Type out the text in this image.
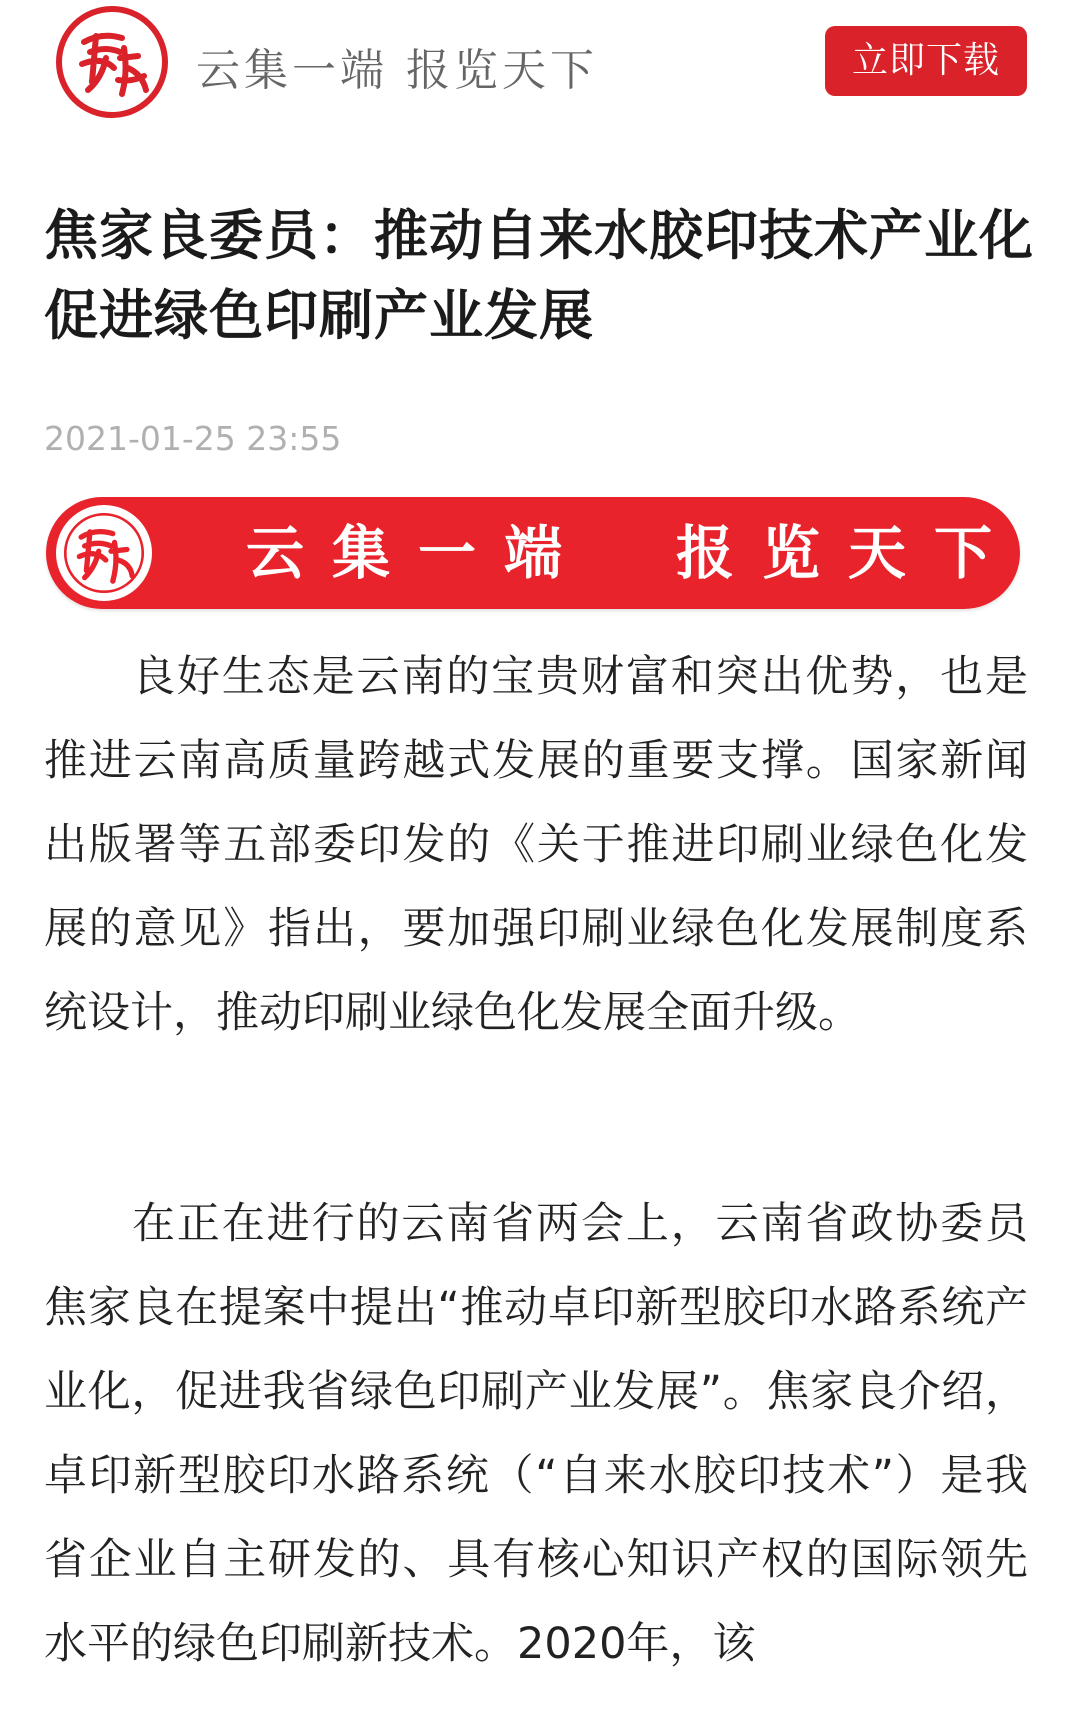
云集一端 报览天下	立即下载
焦家良委员：推动自来水胶印技术产业化 促进绿色印刷产业发展
2021-01-25 23:55
云集一端　报览天下

良好生态是云南的宝贵财富和突出优势，也是推进云南高质量跨越式发展的重要支撑。国家新闻出版署等五部委印发的《关于推进印刷业绿色化发展的意见》指出，要加强印刷业绿色化发展制度系统设计，推动印刷业绿色化发展全面升级。

在正在进行的云南省两会上，云南省政协委员焦家良在提案中提出“推动卓印新型胶印水路系统产业化，促进我省绿色印刷产业发展”。焦家良介绍，卓印新型胶印水路系统（“自来水胶印技术”）是我省企业自主研发的、具有核心知识产权的国际领先水平的绿色印刷新技术。2020年，该
